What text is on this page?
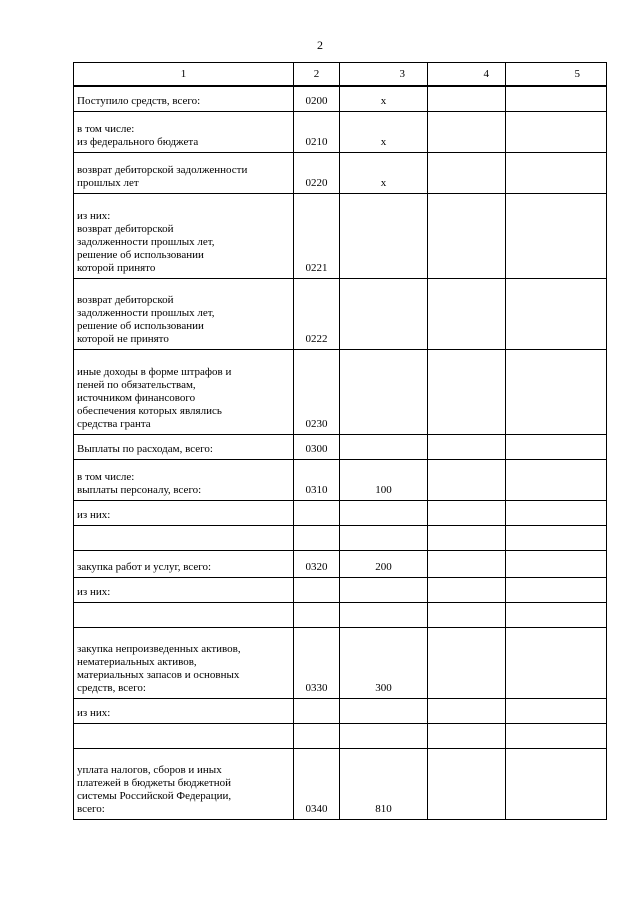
2
1	2	3	4	5
Поступило средств, всего:	0200	х		
в том числе:
из федерального бюджета	0210	х		
возврат дебиторской задолженности прошлых лет	0220	х		
из них:
возврат дебиторской
задолженности прошлых лет,
решение об использовании
которой принято	0221			
возврат дебиторской
задолженности прошлых лет,
решение об использовании
которой не принято	0222			
иные доходы в форме штрафов и
пеней по обязательствам,
источником финансового
обеспечения которых являлись
средства гранта	0230			
Выплаты по расходам, всего:	0300			
в том числе:
выплаты персоналу, всего:	0310	100		
из них:				

закупка работ и услуг, всего:	0320	200		
из них:				

закупка непроизведенных активов,
нематериальных активов,
материальных запасов и основных
средств, всего:	0330	300		
из них:				

уплата налогов, сборов и иных
платежей в бюджеты бюджетной
системы Российской Федерации,
всего:	0340	810		
